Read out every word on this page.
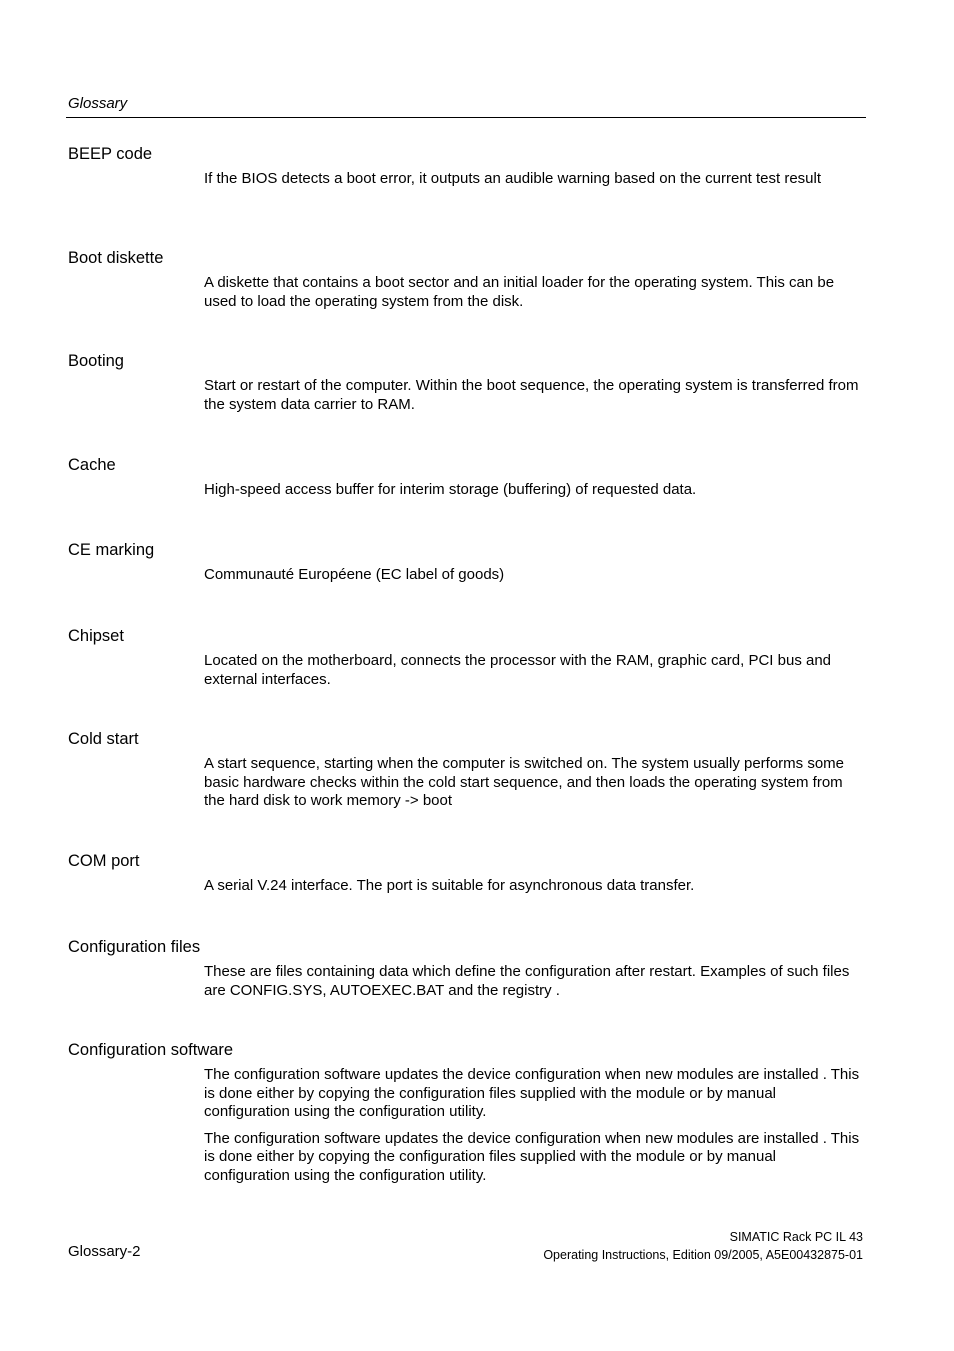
Glossary
BEEP code

If the BIOS detects a boot error, it outputs an audible warning based on the current test result

Boot diskette

A diskette that contains a boot sector and an initial loader for the operating system. This can be used to load the operating system from the disk.

Booting

Start or restart of the computer. Within the boot sequence, the operating system is transferred from the system data carrier to RAM.

Cache

High-speed access buffer for interim storage (buffering) of requested data.

CE marking

Communauté Européene (EC label of goods)

Chipset

Located on the motherboard, connects the processor with the RAM, graphic card, PCI bus and external interfaces.

Cold start

A start sequence, starting when the computer is switched on. The system usually performs some basic hardware checks within the cold start sequence, and then loads the operating system from the hard disk to work memory -> boot

COM port

A serial V.24 interface. The port is suitable for asynchronous data transfer.

Configuration files

These are files containing data which define the configuration after restart. Examples of such files are CONFIG.SYS, AUTOEXEC.BAT and the registry .

Configuration software

The configuration software updates the device configuration when new modules are installed . This is done either by copying the configuration files supplied with the module or by manual configuration using the configuration utility.

The configuration software updates the device configuration when new modules are installed . This is done either by copying the configuration files supplied with the module or by manual configuration using the configuration utility.

Glossary-2
SIMATIC Rack PC IL 43
Operating Instructions, Edition 09/2005, A5E00432875-01
